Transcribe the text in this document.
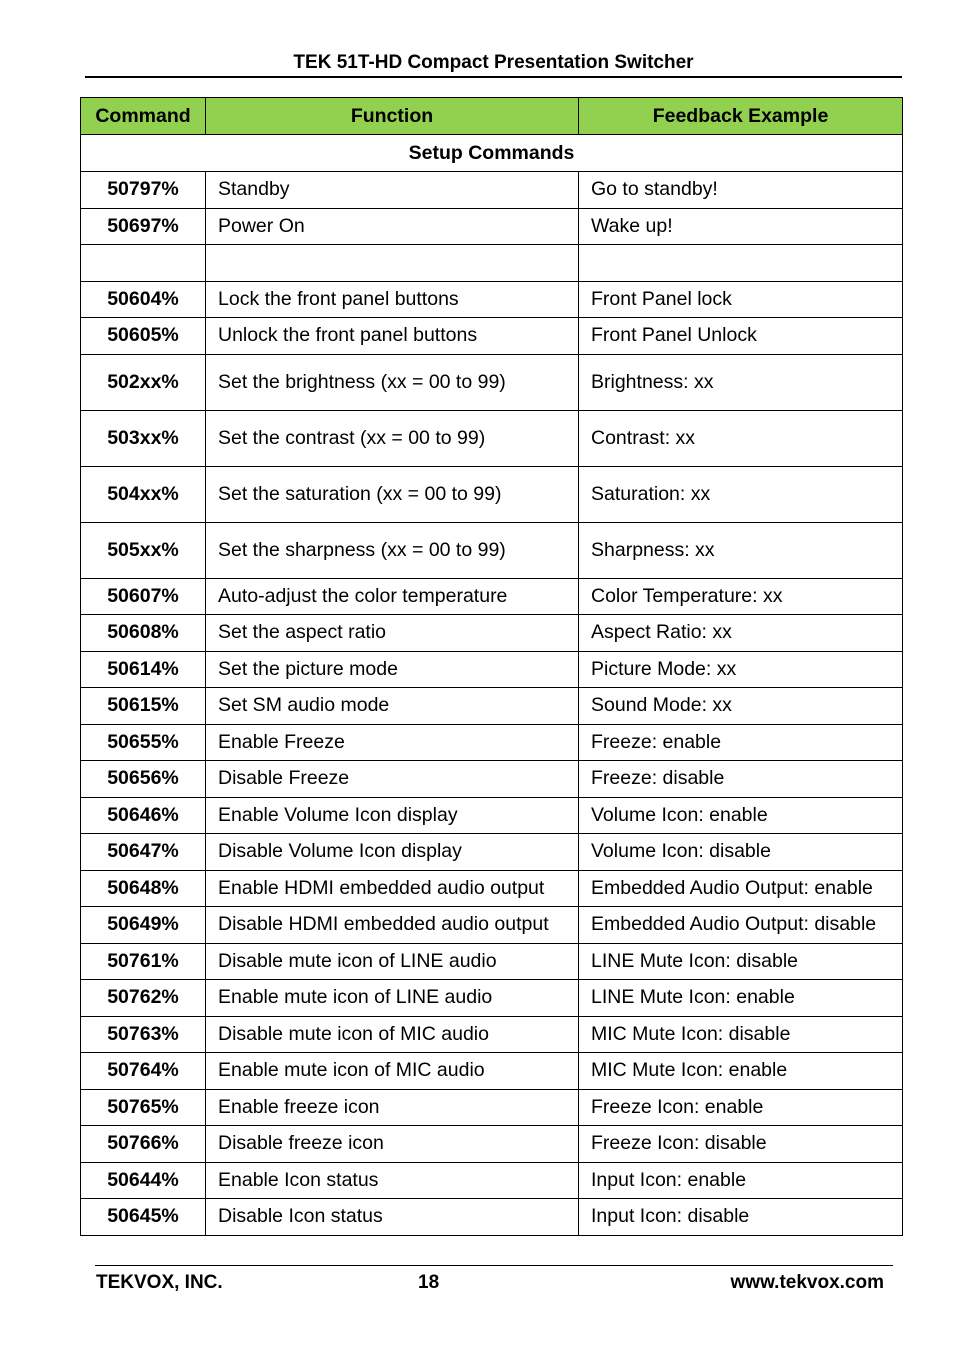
TEK 51T-HD Compact Presentation Switcher
Command	Function	Feedback Example
Setup Commands		
50797%	Standby	Go to standby!
50697%	Power On	Wake up!

50604%	Lock the front panel buttons	Front Panel lock
50605%	Unlock the front panel buttons	Front Panel Unlock
502xx%	Set the brightness (xx = 00 to 99)	Brightness: xx
503xx%	Set the contrast (xx = 00 to 99)	Contrast: xx
504xx%	Set the saturation (xx = 00 to 99)	Saturation: xx
505xx%	Set the sharpness (xx = 00 to 99)	Sharpness: xx
50607%	Auto-adjust the color temperature	Color Temperature: xx
50608%	Set the aspect ratio	Aspect Ratio: xx
50614%	Set the picture mode	Picture Mode: xx
50615%	Set SM audio mode	Sound Mode: xx
50655%	Enable Freeze	Freeze: enable
50656%	Disable Freeze	Freeze: disable
50646%	Enable Volume Icon display	Volume Icon: enable
50647%	Disable Volume Icon display	Volume Icon: disable
50648%	Enable HDMI embedded audio output	Embedded Audio Output: enable
50649%	Disable HDMI embedded audio output	Embedded Audio Output: disable
50761%	Disable mute icon of LINE audio	LINE Mute Icon: disable
50762%	Enable mute icon of LINE audio	LINE Mute Icon: enable
50763%	Disable mute icon of MIC audio	MIC Mute Icon: disable
50764%	Enable mute icon of MIC audio	MIC Mute Icon: enable
50765%	Enable freeze icon	Freeze Icon: enable
50766%	Disable freeze icon	Freeze Icon: disable
50644%	Enable Icon status	Input Icon: enable
50645%	Disable Icon status	Input Icon: disable
TEKVOX, INC.	18	www.tekvox.com
